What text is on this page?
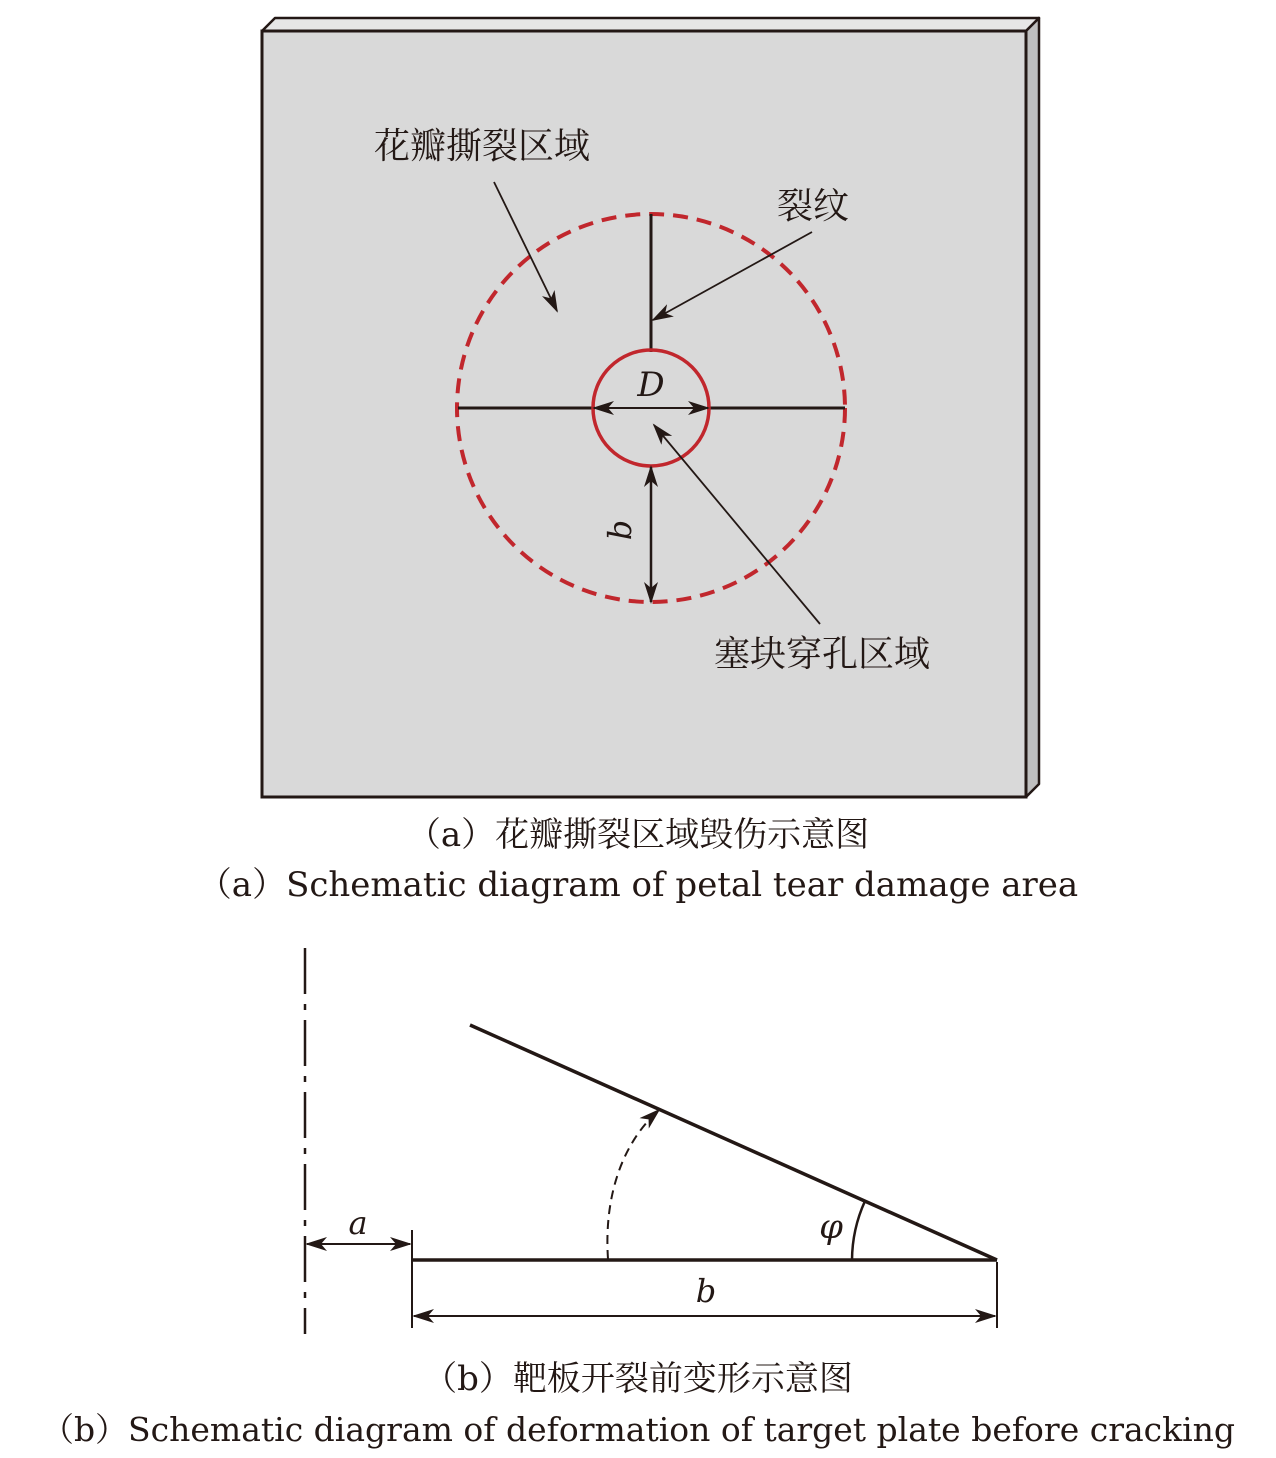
D
b
花瓣撕裂区域
裂纹
塞块穿孔区域
（a）花瓣撕裂区域毁伤示意图
（a）Schematic diagram of petal tear damage area
φ
a
b
（b）靶板开裂前变形示意图
（b）Schematic diagram of deformation of target plate before cracking
